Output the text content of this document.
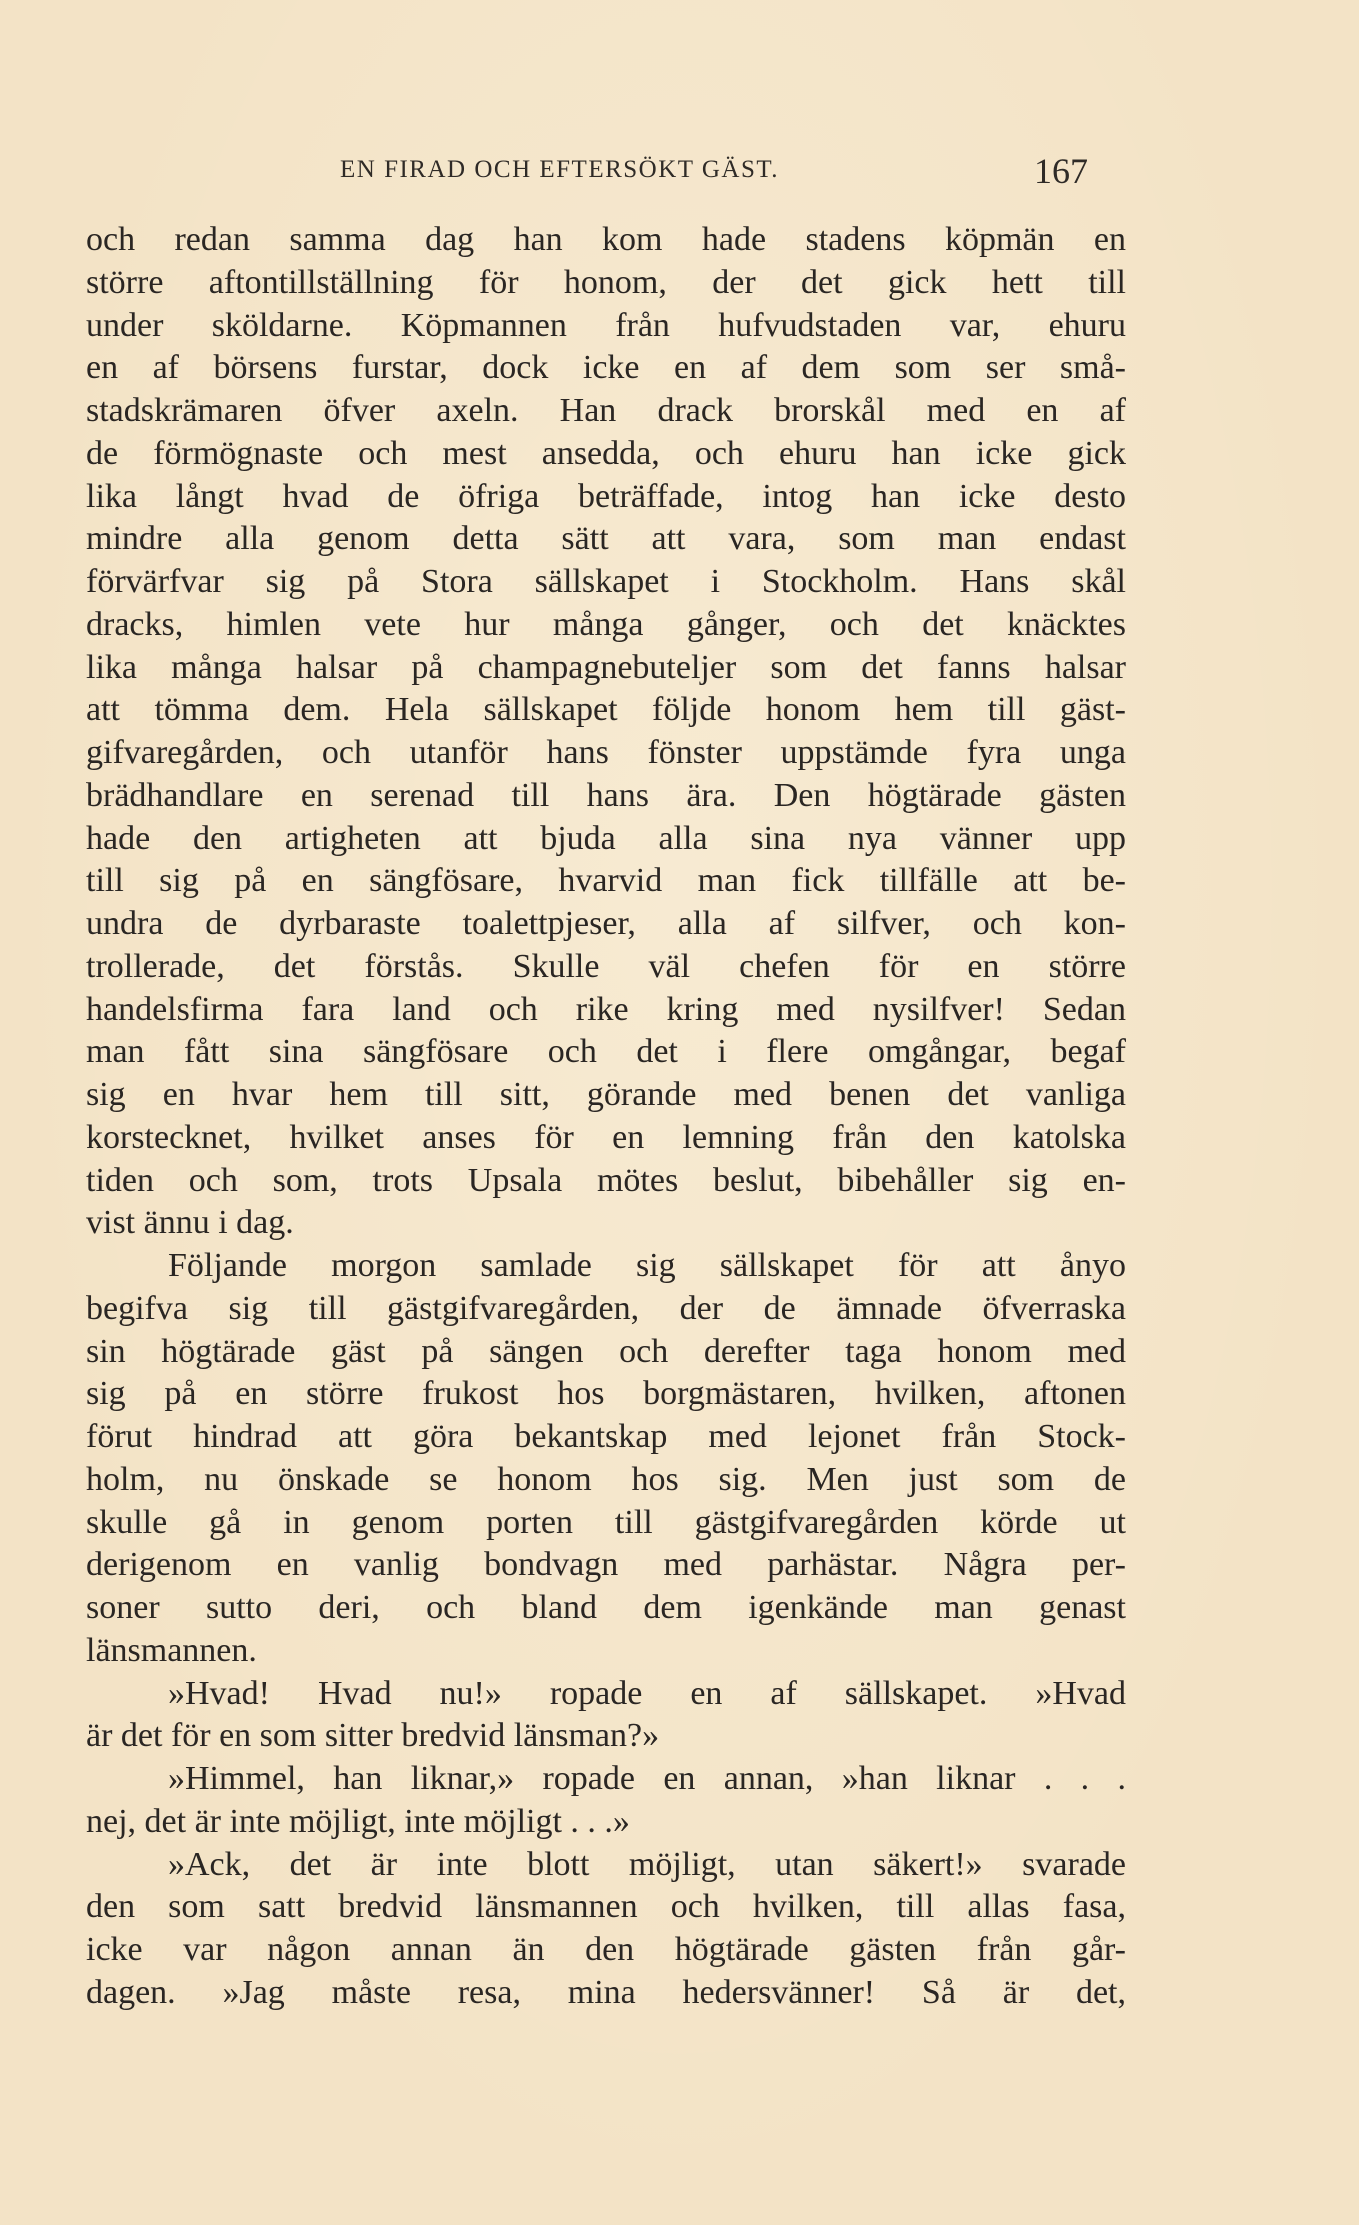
EN FIRAD OCH EFTERSÖKT GÄST.	167
och redan samma dag han kom hade stadens köpmän en
större aftontillställning för honom, der det gick hett till
under sköldarne. Köpmannen från hufvudstaden var, ehuru
en af börsens furstar, dock icke en af dem som ser små-
stadskrämaren öfver axeln. Han drack brorskål med en af
de förmögnaste och mest ansedda, och ehuru han icke gick
lika långt hvad de öfriga beträffade, intog han icke desto
mindre alla genom detta sätt att vara, som man endast
förvärfvar sig på Stora sällskapet i Stockholm. Hans skål
dracks, himlen vete hur många gånger, och det knäcktes
lika många halsar på champagnebuteljer som det fanns halsar
att tömma dem. Hela sällskapet följde honom hem till gäst-
gifvaregården, och utanför hans fönster uppstämde fyra unga
brädhandlare en serenad till hans ära. Den högtärade gästen
hade den artigheten att bjuda alla sina nya vänner upp
till sig på en sängfösare, hvarvid man fick tillfälle att be-
undra de dyrbaraste toalettpjeser, alla af silfver, och kon-
trollerade, det förstås. Skulle väl chefen för en större
handelsfirma fara land och rike kring med nysilfver! Sedan
man fått sina sängfösare och det i flere omgångar, begaf
sig en hvar hem till sitt, görande med benen det vanliga
korstecknet, hvilket anses för en lemning från den katolska
tiden och som, trots Upsala mötes beslut, bibehåller sig en-
vist ännu i dag.
Följande morgon samlade sig sällskapet för att ånyo
begifva sig till gästgifvaregården, der de ämnade öfverraska
sin högtärade gäst på sängen och derefter taga honom med
sig på en större frukost hos borgmästaren, hvilken, aftonen
förut hindrad att göra bekantskap med lejonet från Stock-
holm, nu önskade se honom hos sig. Men just som de
skulle gå in genom porten till gästgifvaregården körde ut
derigenom en vanlig bondvagn med parhästar. Några per-
soner sutto deri, och bland dem igenkände man genast
länsmannen.
»Hvad! Hvad nu!» ropade en af sällskapet. »Hvad
är det för en som sitter bredvid länsman?»
»Himmel, han liknar,» ropade en annan, »han liknar . . .
nej, det är inte möjligt, inte möjligt . . .»
»Ack, det är inte blott möjligt, utan säkert!» svarade
den som satt bredvid länsmannen och hvilken, till allas fasa,
icke var någon annan än den högtärade gästen från går-
dagen. »Jag måste resa, mina hedersvänner! Så är det,
